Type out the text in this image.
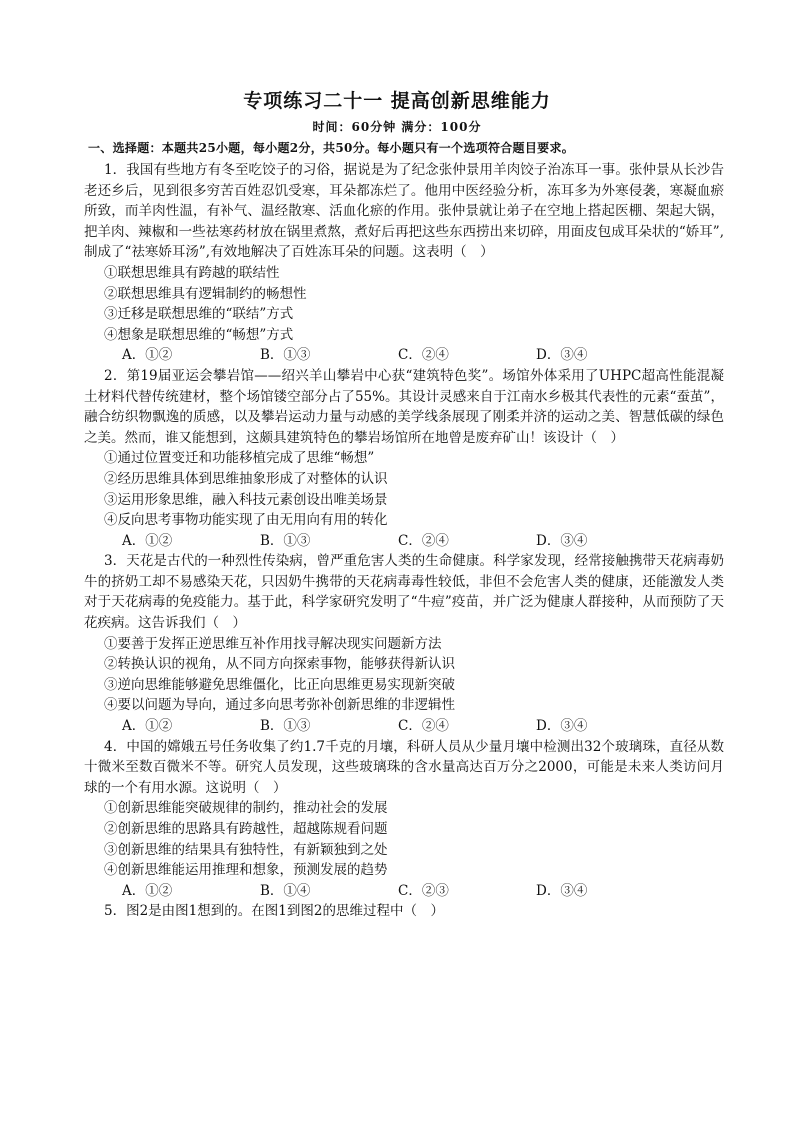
专项练习二十一 提高创新思维能力
时间：60分钟 满分：100分
一、选择题：本题共25小题，每小题2分，共50分。每小题只有一个选项符合题目要求。

1．我国有些地方有冬至吃饺子的习俗，据说是为了纪念张仲景用羊肉饺子治冻耳一事。张仲景从长沙告老还乡后，见到很多穷苦百姓忍饥受寒，耳朵都冻烂了。他用中医经验分析，冻耳多为外寒侵袭，寒凝血瘀所致，而羊肉性温，有补气、温经散寒、活血化瘀的作用。张仲景就让弟子在空地上搭起医棚、架起大锅，把羊肉、辣椒和一些祛寒药材放在锅里煮熬，煮好后再把这些东西捞出来切碎，用面皮包成耳朵状的“娇耳”,制成了“祛寒娇耳汤”,有效地解决了百姓冻耳朵的问题。这表明（　）

①联想思维具有跨越的联结性

②联想思维具有逻辑制约的畅想性

③迁移是联想思维的“联结”方式

④想象是联想思维的“畅想”方式

A．①②	B．①③	C．②④	D．③④

2．第19届亚运会攀岩馆——绍兴羊山攀岩中心获“建筑特色奖”。场馆外体采用了UHPC超高性能混凝土材料代替传统建材，整个场馆镂空部分占了55%。其设计灵感来自于江南水乡极其代表性的元素“蚕茧”，融合纺织物飘逸的质感，以及攀岩运动力量与动感的美学线条展现了刚柔并济的运动之美、智慧低碳的绿色之美。然而，谁又能想到，这颇具建筑特色的攀岩场馆所在地曾是废弃矿山！该设计（　）

①通过位置变迁和功能移植完成了思维“畅想”

②经历思维具体到思维抽象形成了对整体的认识

③运用形象思维，融入科技元素创设出唯美场景

④反向思考事物功能实现了由无用向有用的转化

A．①②	B．①③	C．②④	D．③④

3．天花是古代的一种烈性传染病，曾严重危害人类的生命健康。科学家发现，经常接触携带天花病毒奶牛的挤奶工却不易感染天花，只因奶牛携带的天花病毒毒性较低，非但不会危害人类的健康，还能激发人类对于天花病毒的免疫能力。基于此，科学家研究发明了“牛痘”疫苗，并广泛为健康人群接种，从而预防了天花疾病。这告诉我们（　）

①要善于发挥正逆思维互补作用找寻解决现实问题新方法

②转换认识的视角，从不同方向探索事物，能够获得新认识

③逆向思维能够避免思维僵化，比正向思维更易实现新突破

④要以问题为导向，通过多向思考弥补创新思维的非逻辑性

A．①②	B．①③	C．②④	D．③④

4．中国的嫦娥五号任务收集了约1.7千克的月壤，科研人员从少量月壤中检测出32个玻璃珠，直径从数十微米至数百微米不等。研究人员发现，这些玻璃珠的含水量高达百万分之2000，可能是未来人类访问月球的一个有用水源。这说明（　）

①创新思维能突破规律的制约，推动社会的发展

②创新思维的思路具有跨越性，超越陈规看问题

③创新思维的结果具有独特性，有新颖独到之处

④创新思维能运用推理和想象，预测发展的趋势

A．①②	B．①④	C．②③	D．③④

5．图2是由图1想到的。在图1到图2的思维过程中（　）
